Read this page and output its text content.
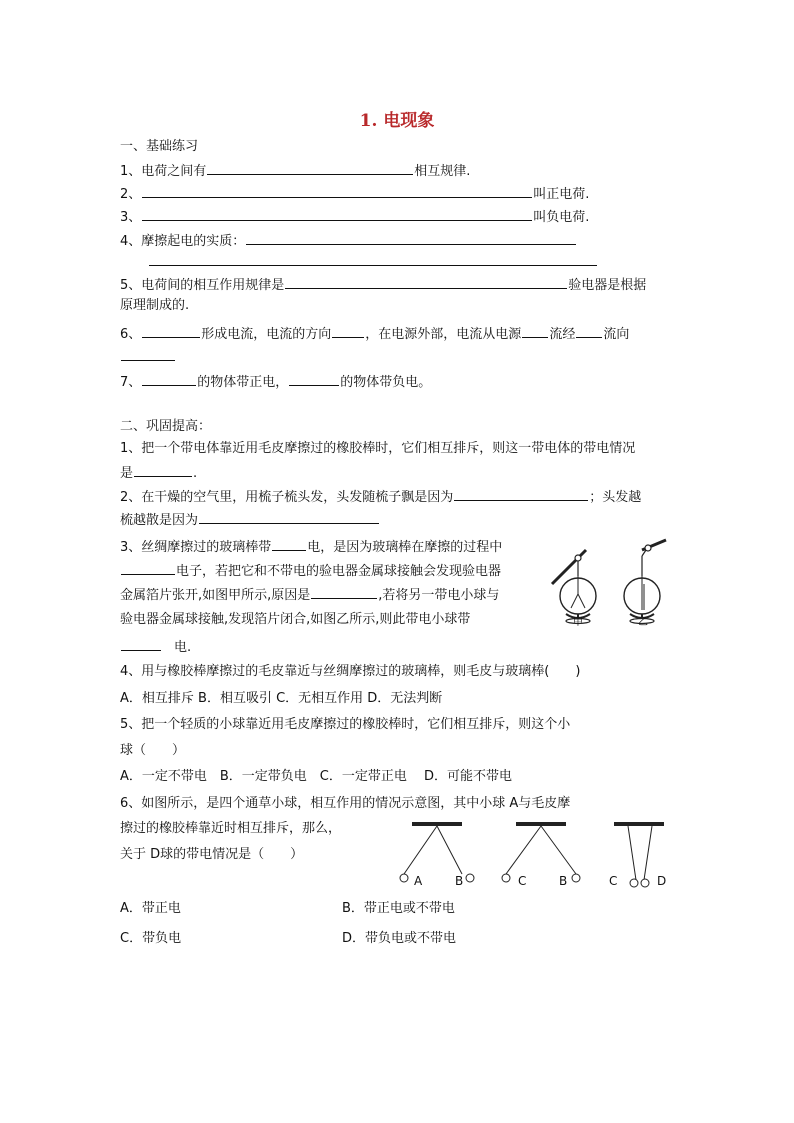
1. 电现象
一、基础练习
1、电荷之间有	相互规律.
2、	叫正电荷.
3、	叫负电荷.
4、摩擦起电的实质：
5、电荷间的相互作用规律是	验电器是根据
原理制成的.
6、	形成电流，电流的方向	，在电源外部，电流从电源 流经 流向
7、	的物体带正电，	的物体带负电。
二、巩固提高：
1、把一个带电体靠近用毛皮摩擦过的橡胶棒时，它们相互排斥，则这一带电体的带电情况
是	.
2、在干燥的空气里，用梳子梳头发，头发随梳子飘是因为	；头发越
梳越散是因为
3、丝绸摩擦过的玻璃棒带	电，是因为玻璃棒在摩擦的过程中
电子，若把它和不带电的验电器金属球接触会发现验电器
金属箔片张开,如图甲所示,原因是	,若将另一带电小球与
验电器金属球接触,发现箔片闭合,如图乙所示,则此带电小球带
电.
甲	乙
4、用与橡胶棒摩擦过的毛皮靠近与丝绸摩擦过的玻璃棒，则毛皮与玻璃棒(　　)
A．相互排斥 B．相互吸引 C．无相互作用 D．无法判断
5、把一个轻质的小球靠近用毛皮摩擦过的橡胶棒时，它们相互排斥，则这个小
球（　　）
A．一定不带电　B．一定带负电　C．一定带正电　 D．可能不带电
6、如图所示，是四个通草小球，相互作用的情况示意图，其中小球 A与毛皮摩
擦过的橡胶棒靠近时相互排斥，那么，
关于 D球的带电情况是（　　）
A	B	C	B	C	D
A．带正电	B．带正电或不带电
C．带负电	D．带负电或不带电
